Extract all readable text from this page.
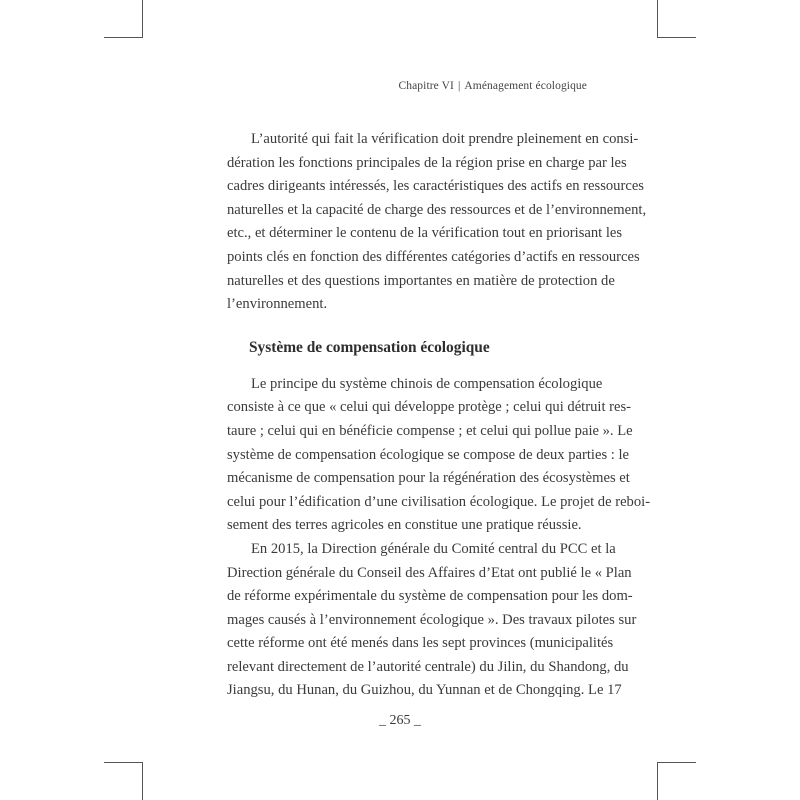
Chapitre VI | Aménagement écologique

L’autorité qui fait la vérification doit prendre pleinement en consi-
dération les fonctions principales de la région prise en charge par les
cadres dirigeants intéressés, les caractéristiques des actifs en ressources
naturelles et la capacité de charge des ressources et de l’environnement,
etc., et déterminer le contenu de la vérification tout en priorisant les
points clés en fonction des différentes catégories d’actifs en ressources
naturelles et des questions importantes en matière de protection de
l’environnement.

Système de compensation écologique

Le principe du système chinois de compensation écologique
consiste à ce que « celui qui développe protège ; celui qui détruit res-
taure ; celui qui en bénéficie compense ; et celui qui pollue paie ». Le
système de compensation écologique se compose de deux parties : le
mécanisme de compensation pour la régénération des écosystèmes et
celui pour l’édification d’une civilisation écologique. Le projet de reboi-
sement des terres agricoles en constitue une pratique réussie.

En 2015, la Direction générale du Comité central du PCC et la
Direction générale du Conseil des Affaires d’Etat ont publié le « Plan
de réforme expérimentale du système de compensation pour les dom-
mages causés à l’environnement écologique ». Des travaux pilotes sur
cette réforme ont été menés dans les sept provinces (municipalités
relevant directement de l’autorité centrale) du Jilin, du Shandong, du
Jiangsu, du Hunan, du Guizhou, du Yunnan et de Chongqing. Le 17

_ 265 _
